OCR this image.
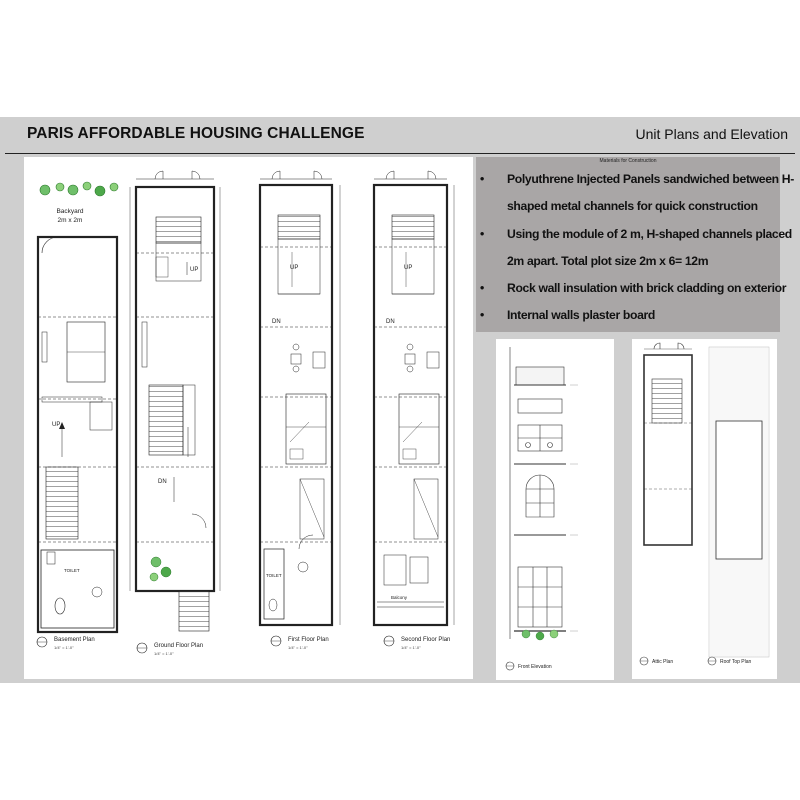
PARIS AFFORDABLE HOUSING CHALLENGE	Unit Plans and Elevation
Backyard
2m x 2m
UP
TOILET
Basement Plan
1/4" = 1'-0"
UP
DN
Ground Floor Plan
1/4" = 1'-0"
UP
DN
TOILET
First Floor Plan
1/4" = 1'-0"
UP
DN
Balcony
Second Floor Plan
1/4" = 1'-0"
Materials for Construction
• Polyuthrene Injected Panels sandwiched between H-
shaped metal channels for quick construction
• Using the module of 2 m, H-shaped channels placed
2m apart. Total plot size 2m x 6= 12m
• Rock wall insulation with brick cladding on exterior
• Internal walls plaster board
Front Elevation
Attic Plan	Roof Top Plan
